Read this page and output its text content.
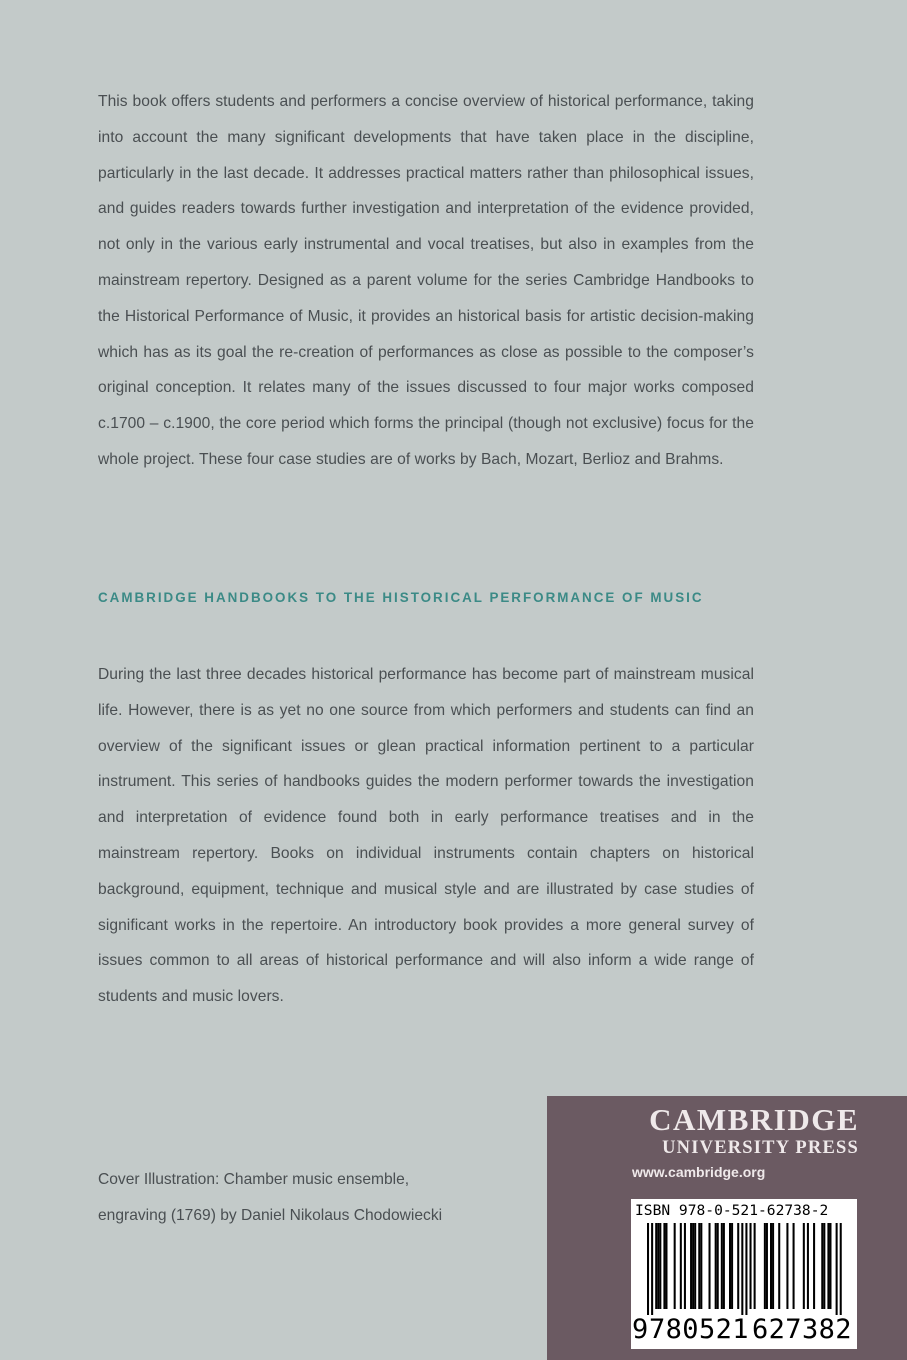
This book offers students and performers a concise overview of historical performance, taking into account the many significant developments that have taken place in the discipline, particularly in the last decade. It addresses practical matters rather than philosophical issues, and guides readers towards further investigation and interpretation of the evidence provided, not only in the various early instrumental and vocal treatises, but also in examples from the mainstream repertory. Designed as a parent volume for the series Cambridge Handbooks to the Historical Performance of Music, it provides an historical basis for artistic decision-making which has as its goal the re-creation of performances as close as possible to the composer’s original conception. It relates many of the issues discussed to four major works composed c.1700 – c.1900, the core period which forms the principal (though not exclusive) focus for the whole project. These four case studies are of works by Bach, Mozart, Berlioz and Brahms.

CAMBRIDGE HANDBOOKS TO THE HISTORICAL PERFORMANCE OF MUSIC

During the last three decades historical performance has become part of mainstream musical life. However, there is as yet no one source from which performers and students can find an overview of the significant issues or glean practical information pertinent to a particular instrument. This series of handbooks guides the modern performer towards the investigation and interpretation of evidence found both in early performance treatises and in the mainstream repertory. Books on individual instruments contain chapters on historical background, equipment, technique and musical style and are illustrated by case studies of significant works in the repertoire. An introductory book provides a more general survey of issues common to all areas of historical performance and will also inform a wide range of students and music lovers.

Cover Illustration: Chamber music ensemble,
engraving (1769) by Daniel Nikolaus Chodowiecki

CAMBRIDGE

UNIVERSITY PRESS

www.cambridge.org

ISBN 978-0-521-62738-2
9 780521 627382
